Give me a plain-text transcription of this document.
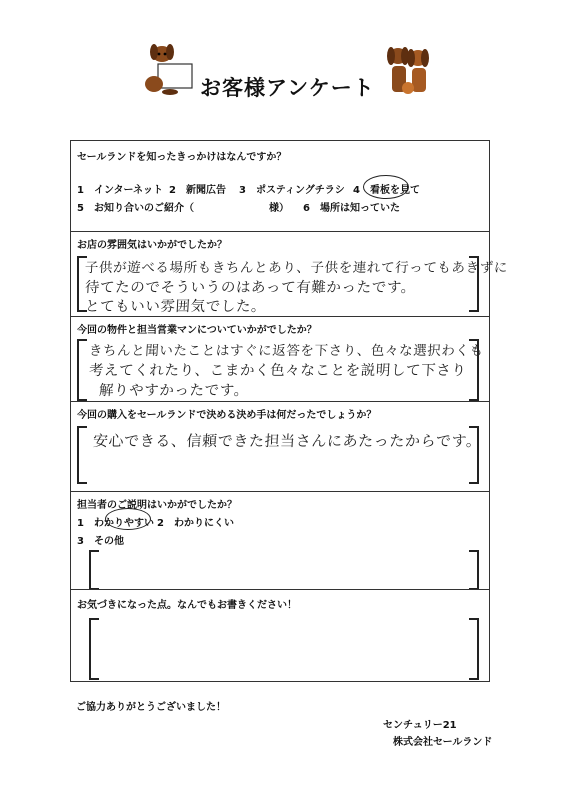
お客様アンケート
セールランドを知ったきっかけはなんですか？
1　インターネット 2　新聞広告 3　ポスティングチラシ 4　看板を見て
5　お知り合いのご紹介（	様） 6　場所は知っていた
お店の雰囲気はいかがでしたか？
子供が遊べる場所もきちんとあり、子供を連れて行ってもあきずに
待てたのでそういうのはあって有難かったです。
とてもいい雰囲気でした。
今回の物件と担当営業マンについていかがでしたか？
きちんと聞いたことはすぐに返答を下さり、色々な選択わくも
考えてくれたり、こまかく色々なことを説明して下さり
解りやすかったです。
今回の購入をセールランドで決める決め手は何だったでしょうか？
安心できる、信頼できた担当さんにあたったからです。
担当者のご説明はいかがでしたか？
1　わかりやすい 2　わかりにくい
3　その他
お気づきになった点。なんでもお書きください！
ご協力ありがとうございました！
センチュリー21
株式会社セールランド
